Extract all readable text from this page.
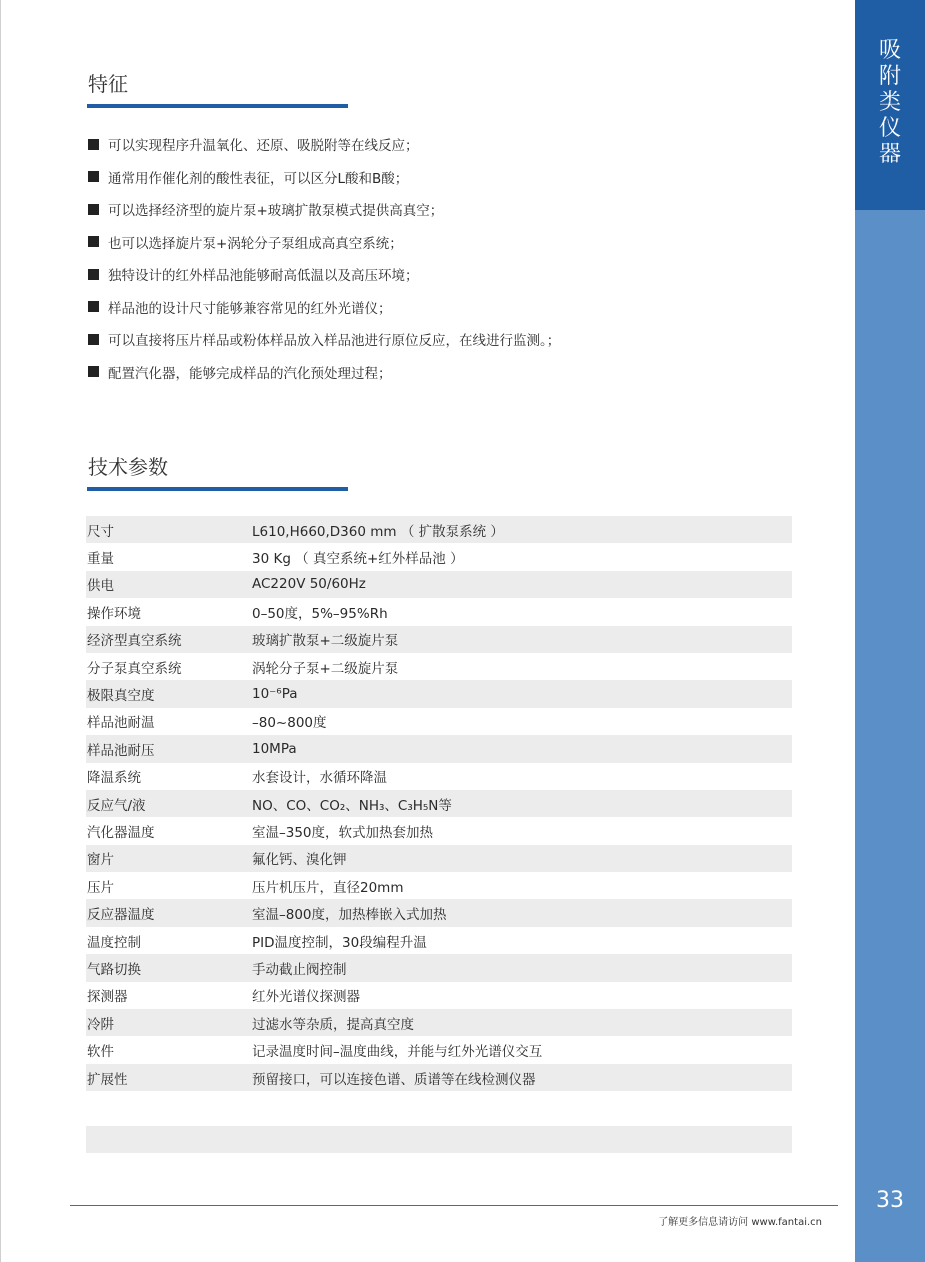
吸
附
类
仪
器
33
特征
可以实现程序升温氧化、还原、吸脱附等在线反应；
通常用作催化剂的酸性表征，可以区分L酸和B酸；
可以选择经济型的旋片泵+玻璃扩散泵模式提供高真空；
也可以选择旋片泵+涡轮分子泵组成高真空系统；
独特设计的红外样品池能够耐高低温以及高压环境；
样品池的设计尺寸能够兼容常见的红外光谱仪；
可以直接将压片样品或粉体样品放入样品池进行原位反应，在线进行监测。；
配置汽化器，能够完成样品的汽化预处理过程；
技术参数
尺寸	L610,H660,D360 mm （ 扩散泵系统 ）
重量	30 Kg （ 真空系统+红外样品池 ）
供电	AC220V 50/60Hz
操作环境	0–50度，5%–95%Rh
经济型真空系统	玻璃扩散泵+二级旋片泵
分子泵真空系统	涡轮分子泵+二级旋片泵
极限真空度	10⁻⁶Pa
样品池耐温	–80~800度
样品池耐压	10MPa
降温系统	水套设计，水循环降温
反应气/液	NO、CO、CO₂、NH₃、C₃H₅N等
汽化器温度	室温–350度，软式加热套加热
窗片	氟化钙、溴化钾
压片	压片机压片，直径20mm
反应器温度	室温–800度，加热棒嵌入式加热
温度控制	PID温度控制，30段编程升温
气路切换	手动截止阀控制
探测器	红外光谱仪探测器
冷阱	过滤水等杂质，提高真空度
软件	记录温度时间–温度曲线，并能与红外光谱仪交互
扩展性	预留接口，可以连接色谱、质谱等在线检测仪器
了解更多信息请访问 www.fantai.cn
